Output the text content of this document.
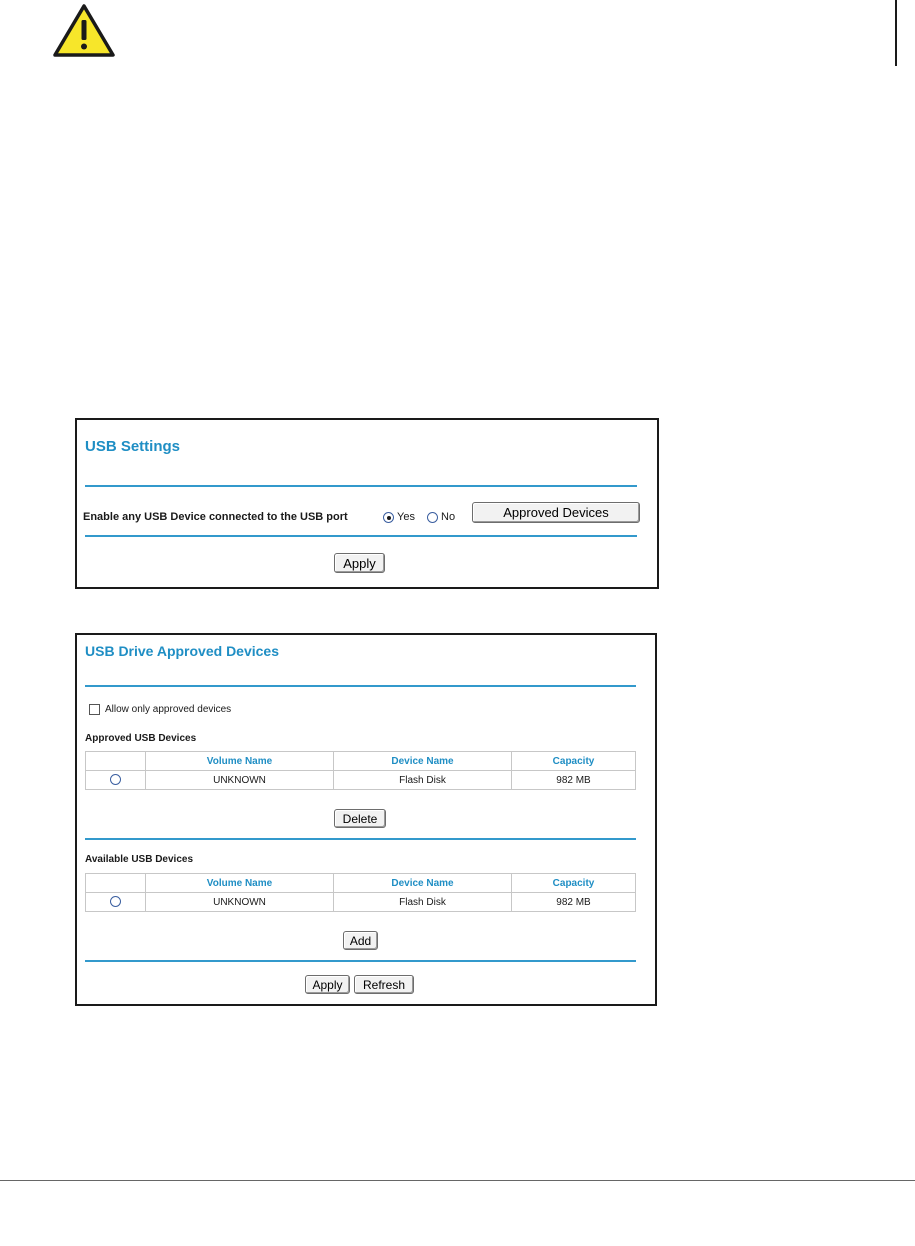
USB Settings
Enable any USB Device connected to the USB port	Yes No	Approved Devices
Apply
USB Drive Approved Devices
Allow only approved devices
Approved USB Devices
	Volume Name	Device Name	Capacity
	UNKNOWN	Flash Disk	982 MB
Delete
Available USB Devices
	Volume Name	Device Name	Capacity
	UNKNOWN	Flash Disk	982 MB
Add
Apply	Refresh
